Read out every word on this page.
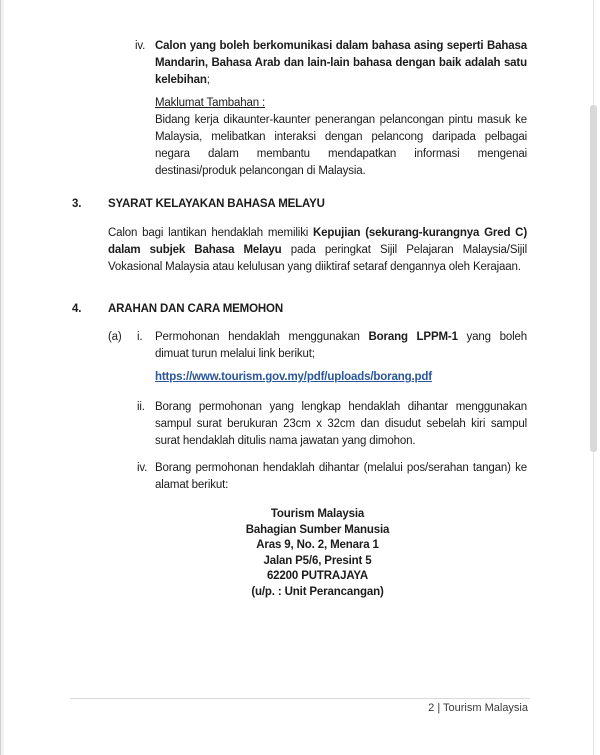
iv. Calon yang boleh berkomunikasi dalam bahasa asing seperti Bahasa Mandarin, Bahasa Arab dan lain-lain bahasa dengan baik adalah satu kelebihan;
Maklumat Tambahan :
Bidang kerja dikaunter-kaunter penerangan pelancongan pintu masuk ke Malaysia, melibatkan interaksi dengan pelancong daripada pelbagai negara dalam membantu mendapatkan informasi mengenai destinasi/produk pelancongan di Malaysia.
3.	SYARAT KELAYAKAN BAHASA MELAYU
Calon bagi lantikan hendaklah memiliki Kepujian (sekurang-kurangnya Gred C) dalam subjek Bahasa Melayu pada peringkat Sijil Pelajaran Malaysia/Sijil Vokasional Malaysia atau kelulusan yang diiktiraf setaraf dengannya oleh Kerajaan.
4.	ARAHAN DAN CARA MEMOHON
(a)	i.	Permohonan hendaklah menggunakan Borang LPPM-1 yang boleh dimuat turun melalui link berikut;
https://www.tourism.gov.my/pdf/uploads/borang.pdf
ii. Borang permohonan yang lengkap hendaklah dihantar menggunakan sampul surat berukuran 23cm x 32cm dan disudut sebelah kiri sampul surat hendaklah ditulis nama jawatan yang dimohon.
iv. Borang permohonan hendaklah dihantar (melalui pos/serahan tangan) ke alamat berikut:
Tourism Malaysia
Bahagian Sumber Manusia
Aras 9, No. 2, Menara 1
Jalan P5/6, Presint 5
62200 PUTRAJAYA
(u/p. : Unit Perancangan)
2 | Tourism Malaysia
